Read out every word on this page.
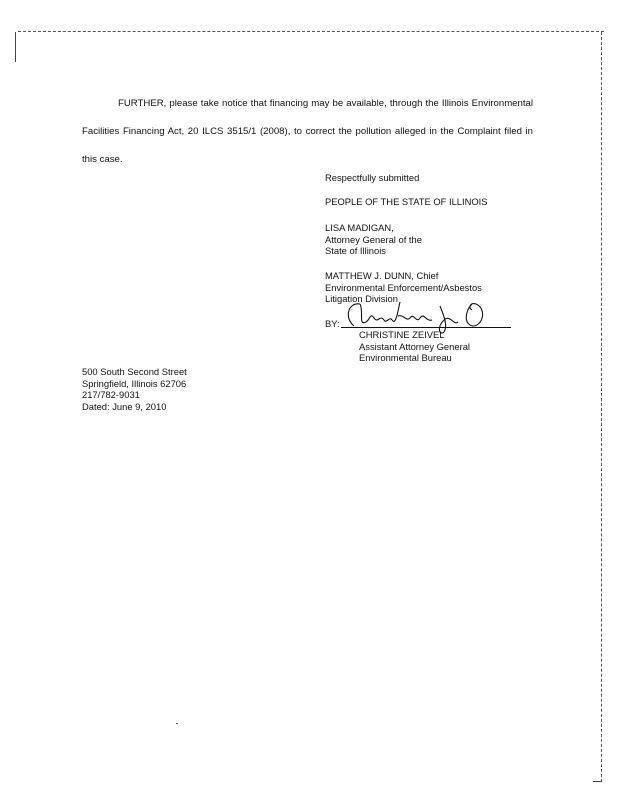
FURTHER, please take notice that financing may be available, through the Illinois Environmental Facilities Financing Act, 20 ILCS 3515/1 (2008), to correct the pollution alleged in the Complaint filed in this case.
Respectfully submitted
PEOPLE OF THE STATE OF ILLINOIS
LISA MADIGAN,
Attorney General of the
State of Illinois
MATTHEW J. DUNN, Chief
Environmental Enforcement/Asbestos
Litigation Division
BY:
CHRISTINE ZEIVEL
Assistant Attorney General
Environmental Bureau
500 South Second Street
Springfield, Illinois 62706
217/782-9031
Dated: June 9, 2010
